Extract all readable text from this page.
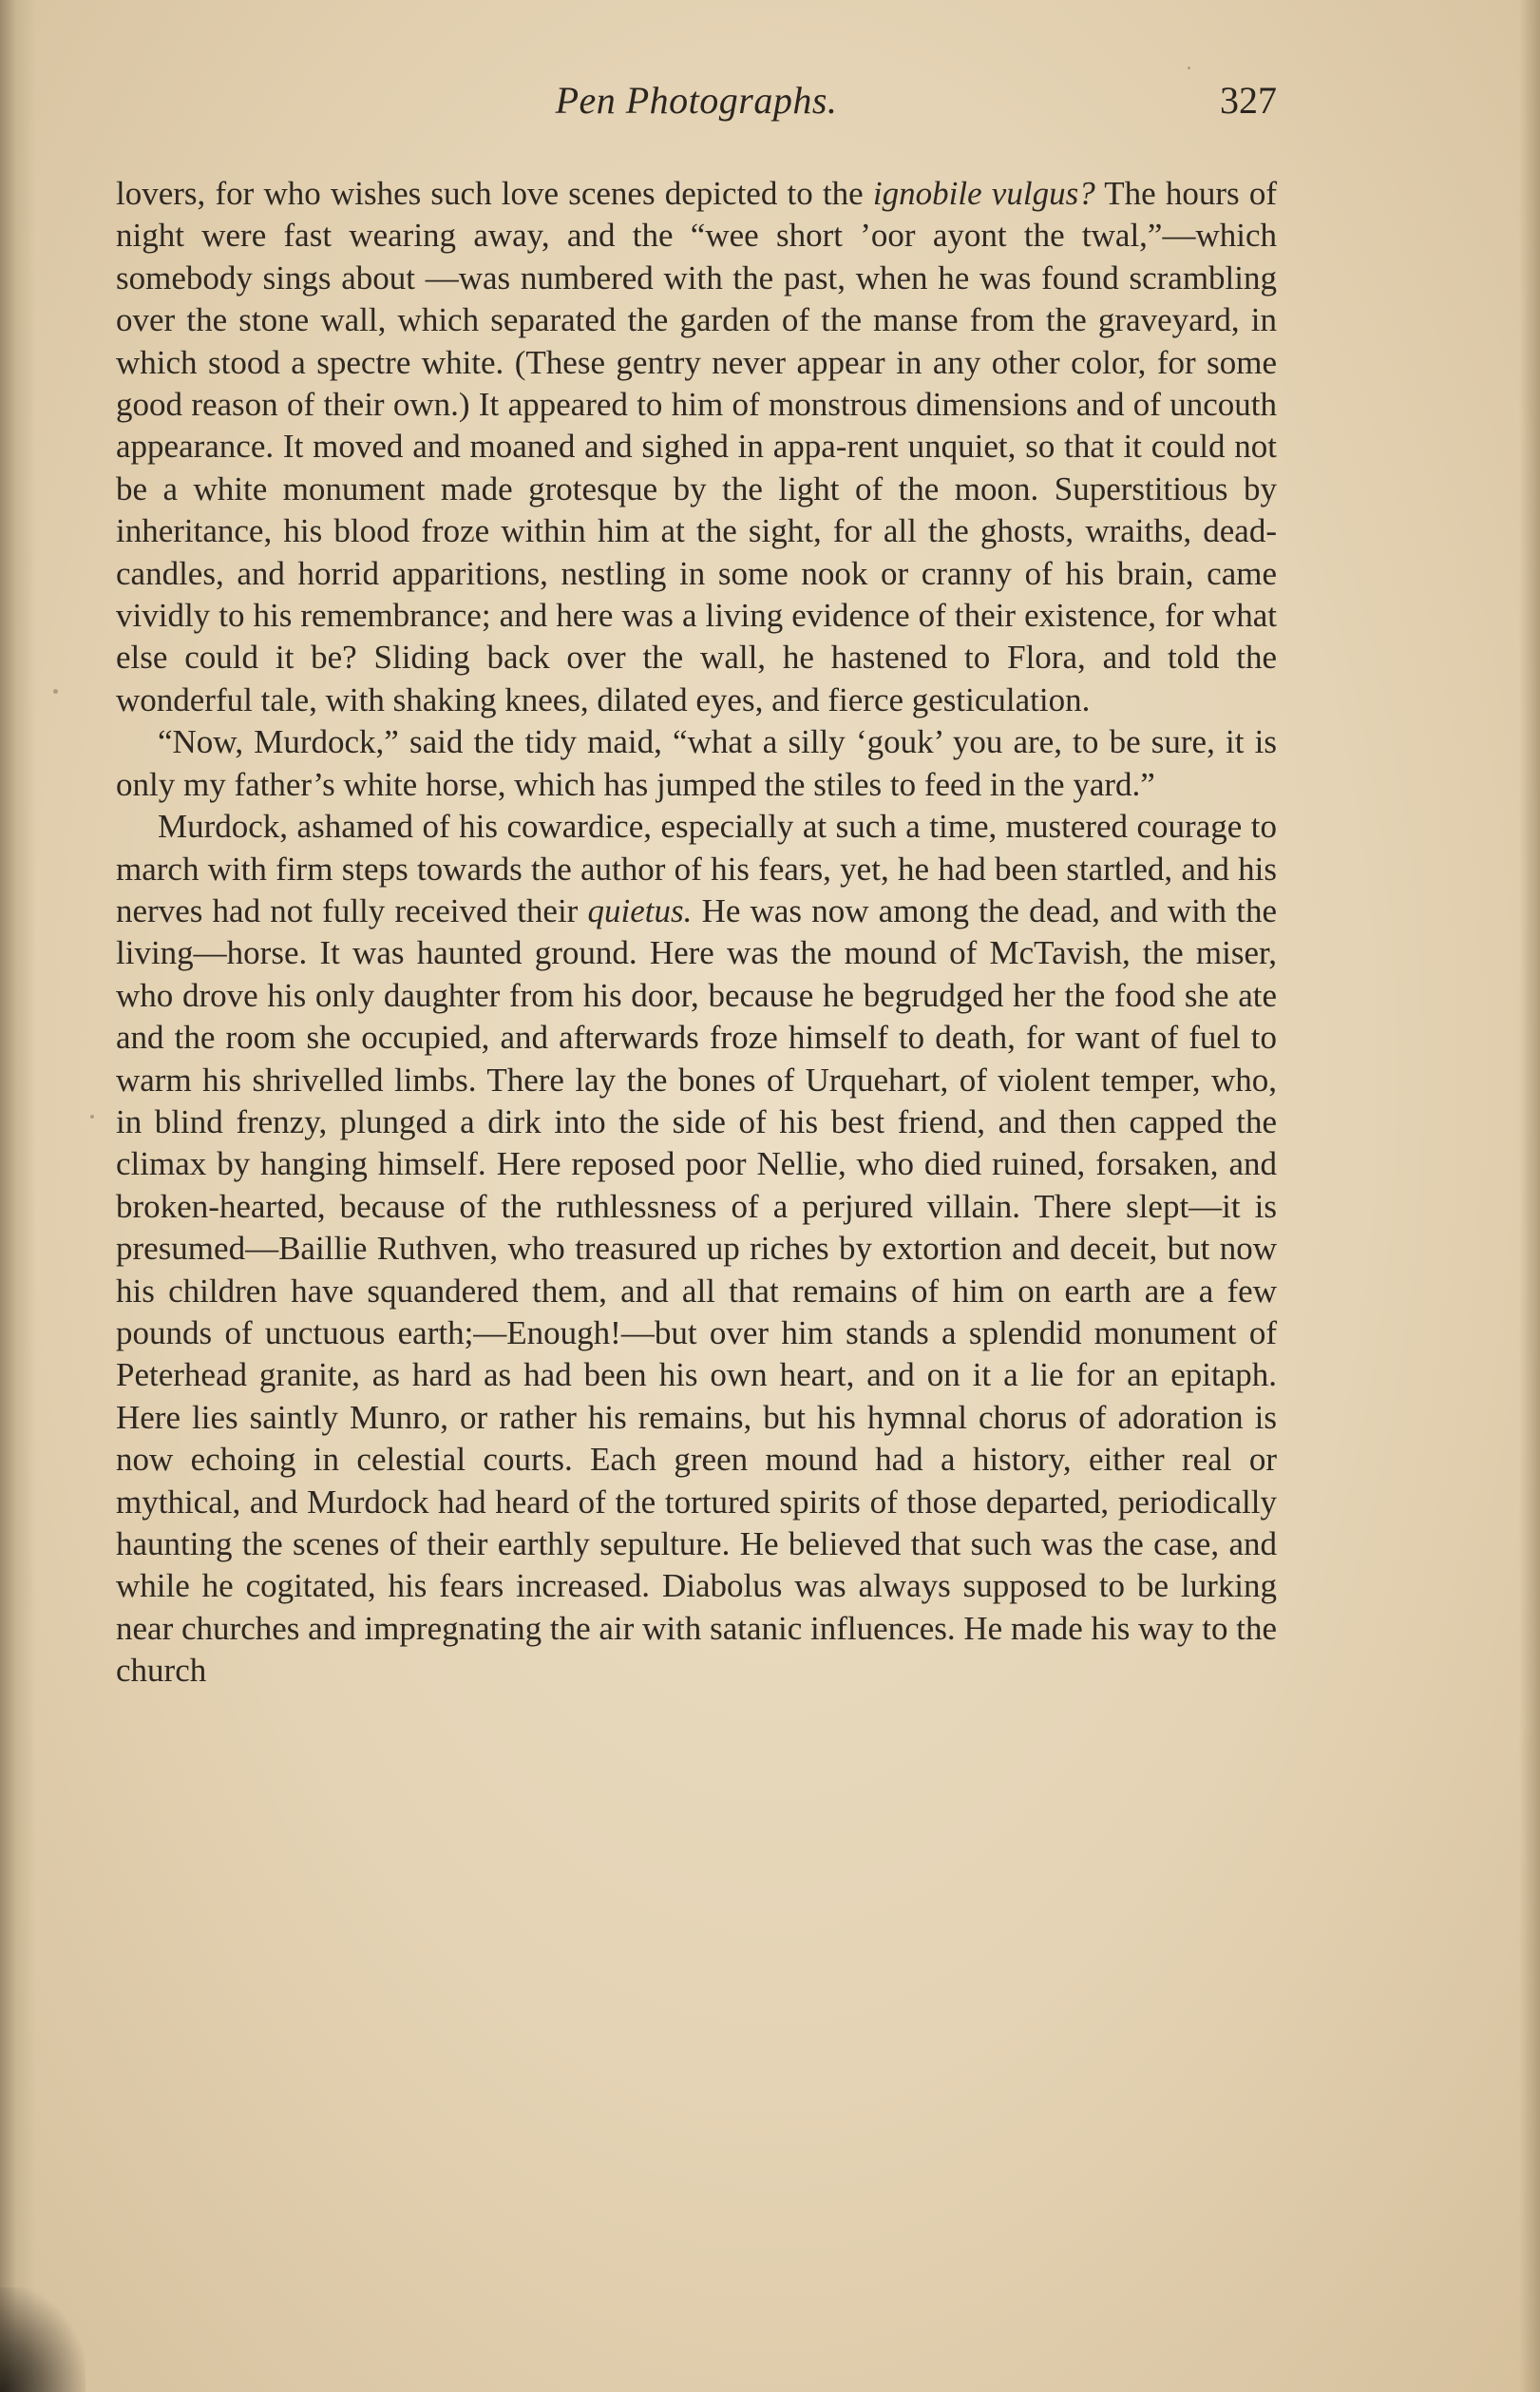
Pen Photographs.	327

lovers, for who wishes such love scenes depicted to the ignobile vulgus? The hours of night were fast wearing away, and the “wee short ’oor ayont the twal,”—which somebody sings about —was numbered with the past, when he was found scrambling over the stone wall, which separated the garden of the manse from the graveyard, in which stood a spectre white. (These gentry never appear in any other color, for some good reason of their own.) It appeared to him of monstrous dimensions and of uncouth appearance. It moved and moaned and sighed in appa-rent unquiet, so that it could not be a white monument made grotesque by the light of the moon. Superstitious by inheritance, his blood froze within him at the sight, for all the ghosts, wraiths, dead-candles, and horrid apparitions, nestling in some nook or cranny of his brain, came vividly to his remembrance; and here was a living evidence of their existence, for what else could it be? Sliding back over the wall, he hastened to Flora, and told the wonderful tale, with shaking knees, dilated eyes, and fierce gesticulation.

“Now, Murdock,” said the tidy maid, “what a silly ‘gouk’ you are, to be sure, it is only my father’s white horse, which has jumped the stiles to feed in the yard.”

Murdock, ashamed of his cowardice, especially at such a time, mustered courage to march with firm steps towards the author of his fears, yet, he had been startled, and his nerves had not fully received their quietus. He was now among the dead, and with the living—horse. It was haunted ground. Here was the mound of McTavish, the miser, who drove his only daughter from his door, because he begrudged her the food she ate and the room she occupied, and afterwards froze himself to death, for want of fuel to warm his shrivelled limbs. There lay the bones of Urquehart, of violent temper, who, in blind frenzy, plunged a dirk into the side of his best friend, and then capped the climax by hanging himself. Here reposed poor Nellie, who died ruined, forsaken, and broken-hearted, because of the ruthlessness of a perjured villain. There slept—it is presumed—Baillie Ruthven, who treasured up riches by extortion and deceit, but now his children have squandered them, and all that remains of him on earth are a few pounds of unctuous earth;—Enough!—but over him stands a splendid monument of Peterhead granite, as hard as had been his own heart, and on it a lie for an epitaph. Here lies saintly Munro, or rather his remains, but his hymnal chorus of adoration is now echoing in celestial courts. Each green mound had a history, either real or mythical, and Murdock had heard of the tortured spirits of those departed, periodically haunting the scenes of their earthly sepulture. He believed that such was the case, and while he cogitated, his fears increased. Diabolus was always supposed to be lurking near churches and impregnating the air with satanic influences. He made his way to the church
